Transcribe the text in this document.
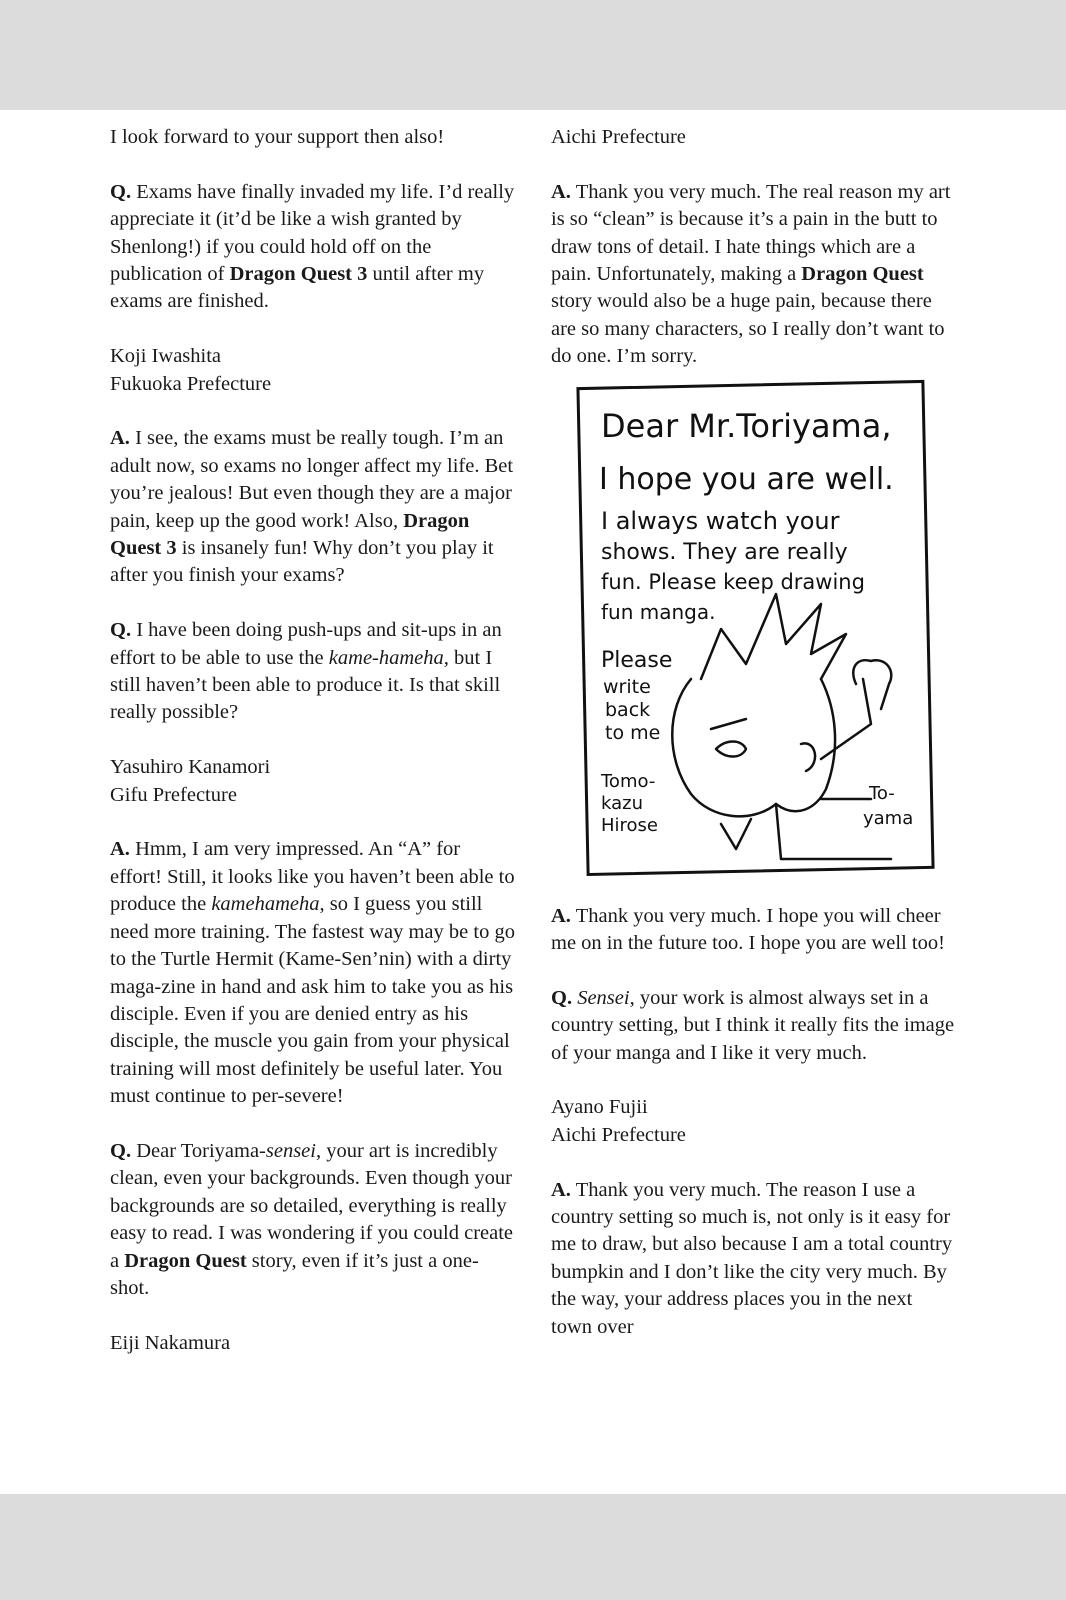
I look forward to your support then also!

Q. Exams have finally invaded my life. I’d really appreciate it (it’d be like a wish granted by Shenlong!) if you could hold off on the publication of Dragon Quest 3 until after my exams are finished.

Koji Iwashita
Fukuoka Prefecture

A. I see, the exams must be really tough. I’m an adult now, so exams no longer affect my life. Bet you’re jealous! But even though they are a major pain, keep up the good work! Also, Dragon Quest 3 is insanely fun! Why don’t you play it after you finish your exams?

Q. I have been doing push-ups and sit-ups in an effort to be able to use the kame-hameha, but I still haven’t been able to produce it. Is that skill really possible?

Yasuhiro Kanamori
Gifu Prefecture

A. Hmm, I am very impressed. An “A” for effort! Still, it looks like you haven’t been able to produce the kamehameha, so I guess you still need more training. The fastest way may be to go to the Turtle Hermit (Kame-Sen’nin) with a dirty maga-zine in hand and ask him to take you as his disciple. Even if you are denied entry as his disciple, the muscle you gain from your physical training will most definitely be useful later. You must continue to per-severe!

Q. Dear Toriyama-sensei, your art is incredibly clean, even your backgrounds. Even though your backgrounds are so detailed, everything is really easy to read. I was wondering if you could create a Dragon Quest story, even if it’s just a one-shot.

Eiji Nakamura

Aichi Prefecture

A. Thank you very much. The real reason my art is so “clean” is because it’s a pain in the butt to draw tons of detail. I hate things which are a pain. Unfortunately, making a Dragon Quest story would also be a huge pain, because there are so many characters, so I really don’t want to do one. I’m sorry.

Dear Mr.Toriyama,
I hope you are well.
I always watch your
shows. They are really
fun. Please keep drawing
fun manga.
Please
write
back
to me
Tomo-
kazu
Hirose
To-
yama

A. Thank you very much. I hope you will cheer me on in the future too. I hope you are well too!

Q. Sensei, your work is almost always set in a country setting, but I think it really fits the image of your manga and I like it very much.

Ayano Fujii
Aichi Prefecture

A. Thank you very much. The reason I use a country setting so much is, not only is it easy for me to draw, but also because I am a total country bumpkin and I don’t like the city very much. By the way, your address places you in the next town over
